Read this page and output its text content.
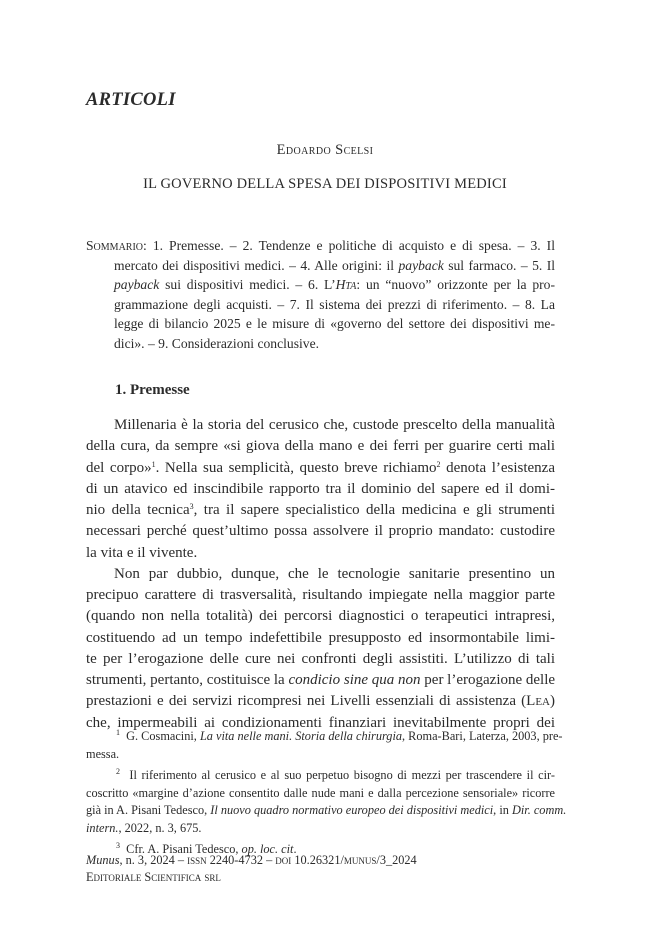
ARTICOLI
Edoardo Scelsi
IL GOVERNO DELLA SPESA DEI DISPOSITIVI MEDICI
Sommario: 1. Premesse. – 2. Tendenze e politiche di acquisto e di spesa. – 3. Il
mercato dei dispositivi medici. – 4. Alle origini: il payback sul farmaco. – 5. Il
payback sui dispositivi medici. – 6. L’Hta: un “nuovo” orizzonte per la pro-
grammazione degli acquisti. – 7. Il sistema dei prezzi di riferimento. – 8. La
legge di bilancio 2025 e le misure di «governo del settore dei dispositivi me-
dici». – 9. Considerazioni conclusive.
1. Premesse
Millenaria è la storia del cerusico che, custode prescelto della manualità
della cura, da sempre «si giova della mano e dei ferri per guarire certi mali
del corpo»$^1$. Nella sua semplicità, questo breve richiamo$^2$ denota l’esistenza
di un atavico ed inscindibile rapporto tra il dominio del sapere ed il domi-
nio della tecnica$^3$, tra il sapere specialistico della medicina e gli strumenti
necessari perché quest’ultimo possa assolvere il proprio mandato: custodire
la vita e il vivente.
Non par dubbio, dunque, che le tecnologie sanitarie presentino un
precipuo carattere di trasversalità, risultando impiegate nella maggior parte
(quando non nella totalità) dei percorsi diagnostici o terapeutici intrapresi,
costituendo ad un tempo indefettibile presupposto ed insormontabile limi-
te per l’erogazione delle cure nei confronti degli assistiti. L’utilizzo di tali
strumenti, pertanto, costituisce la condicio sine qua non per l’erogazione delle
prestazioni e dei servizi ricompresi nei Livelli essenziali di assistenza (Lea)
che, impermeabili ai condizionamenti finanziari inevitabilmente propri dei
$^1$ G. Cosmacini, La vita nelle mani. Storia della chirurgia, Roma-Bari, Laterza, 2003, pre-
messa.
$^2$ Il riferimento al cerusico e al suo perpetuo bisogno di mezzi per trascendere il cir-
coscritto «margine d’azione consentito dalle nude mani e dalla percezione sensoriale» ricorre
già in A. Pisani Tedesco, Il nuovo quadro normativo europeo dei dispositivi medici, in Dir. comm.
intern., 2022, n. 3, 675.
$^3$ Cfr. A. Pisani Tedesco, op. loc. cit.
Munus, n. 3, 2024 – issn 2240-4732 – doi 10.26321/munus/3_2024
Editoriale Scientifica srl
